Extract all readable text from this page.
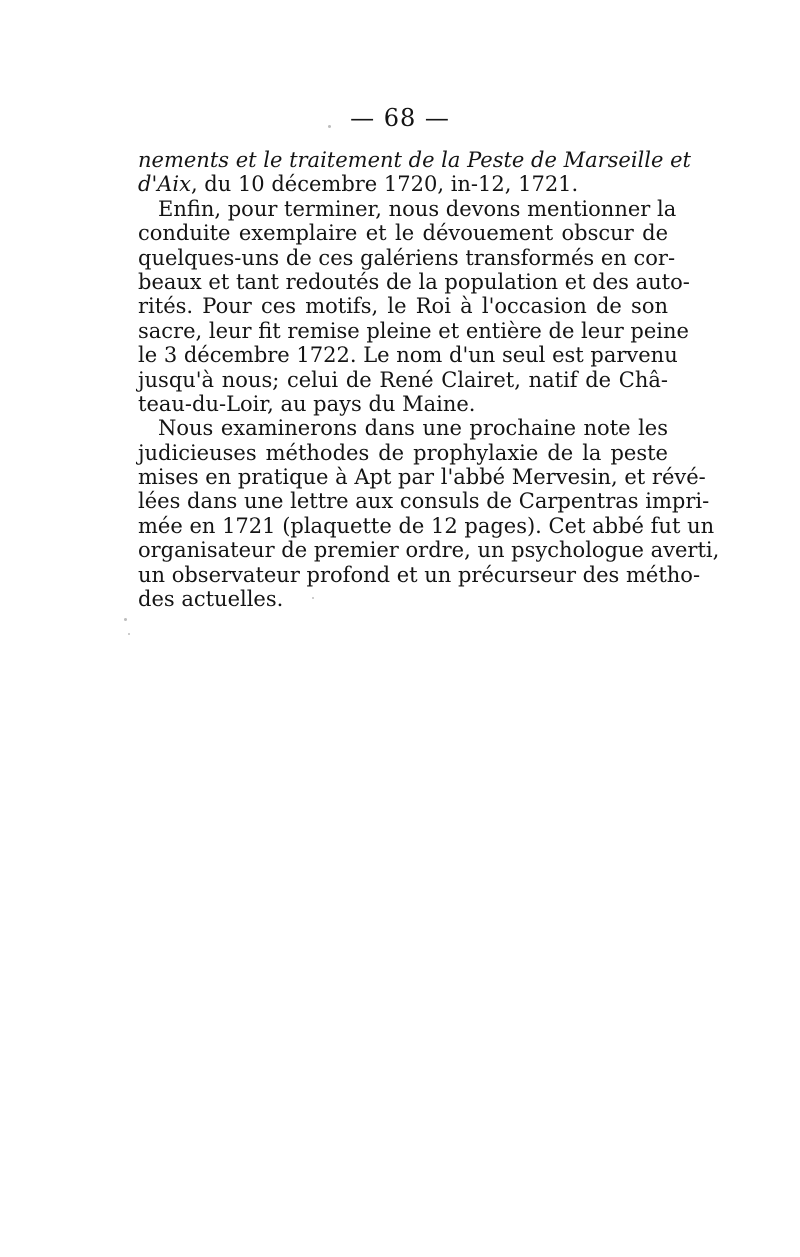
— 68 —
nements et le traitement de la Peste de Marseille et
d'Aix, du 10 décembre 1720, in-12, 1721.
Enfin, pour terminer, nous devons mentionner la
conduite exemplaire et le dévouement obscur de
quelques-uns de ces galériens transformés en cor-
beaux et tant redoutés de la population et des auto-
rités. Pour ces motifs, le Roi à l'occasion de son
sacre, leur fit remise pleine et entière de leur peine
le 3 décembre 1722. Le nom d'un seul est parvenu
jusqu'à nous; celui de René Clairet, natif de Châ-
teau-du-Loir, au pays du Maine.
Nous examinerons dans une prochaine note les
judicieuses méthodes de prophylaxie de la peste
mises en pratique à Apt par l'abbé Mervesin, et révé-
lées dans une lettre aux consuls de Carpentras impri-
mée en 1721 (plaquette de 12 pages). Cet abbé fut un
organisateur de premier ordre, un psychologue averti,
un observateur profond et un précurseur des métho-
des actuelles.
